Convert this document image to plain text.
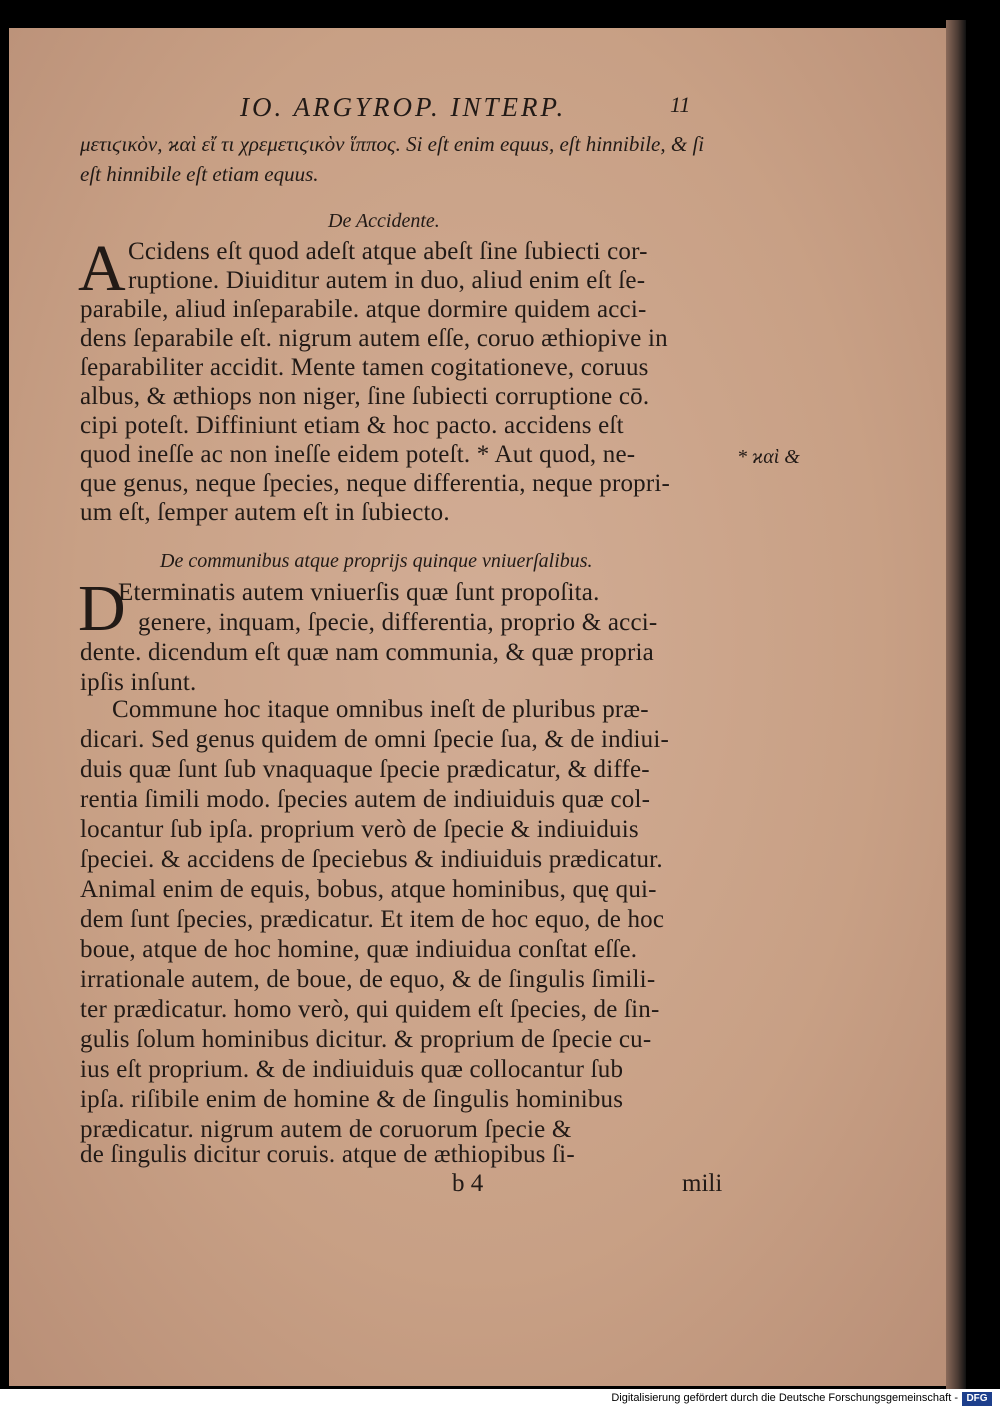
IO. ARGYROP. INTERP.	11
μετιϛικὸν, ϰαὶ εἴ τι χρεμετιϛικὸν ἵππος. Si eſt enim equus, eſt hinnibile, & ſi
eſt hinnibile eſt etiam equus.
De Accidente.
A Ccidens eſt quod adeſt atque abeſt ſine ſubiecti cor-
ruptione. Diuiditur autem in duo, aliud enim eſt ſe-
parabile, aliud inſeparabile. atque dormire quidem acci-
dens ſeparabile eſt. nigrum autem eſſe, coruo æthiopive in
ſeparabiliter accidit. Mente tamen cogitationeve, coruus
albus, & æthiops non niger, ſine ſubiecti corruptione cō.
cipi poteſt. Diffiniunt etiam & hoc pacto. accidens eſt
quod ineſſe ac non ineſſe eidem poteſt. * Aut quod, ne-
que genus, neque ſpecies, neque differentia, neque propri-
um eſt, ſemper autem eſt in ſubiecto.
* ϰαὶ &
De communibus atque proprijs quinque vniuerſalibus.
D
Eterminatis autem vniuerſis quæ ſunt propoſita.
genere, inquam, ſpecie, differentia, proprio & acci-
dente. dicendum eſt quæ nam communia, & quæ propria
ipſis inſunt.
Commune hoc itaque omnibus ineſt de pluribus præ-
dicari. Sed genus quidem de omni ſpecie ſua, & de indiui-
duis quæ ſunt ſub vnaquaque ſpecie prædicatur, & diffe-
rentia ſimili modo. ſpecies autem de indiuiduis quæ col-
locantur ſub ipſa. proprium verò de ſpecie & indiuiduis
ſpeciei. & accidens de ſpeciebus & indiuiduis prædicatur.
Animal enim de equis, bobus, atque hominibus, quę qui-
dem ſunt ſpecies, prædicatur. Et item de hoc equo, de hoc
boue, atque de hoc homine, quæ indiuidua conſtat eſſe.
irrationale autem, de boue, de equo, & de ſingulis ſimili-
ter prædicatur. homo verò, qui quidem eſt ſpecies, de ſin-
gulis ſolum hominibus dicitur. & proprium de ſpecie cu-
ius eſt proprium. & de indiuiduis quæ collocantur ſub
ipſa. riſibile enim de homine & de ſingulis hominibus
prædicatur. nigrum autem de coruorum ſpecie &
de ſingulis dicitur coruis. atque de æthiopibus ſi-
b 4	mili
Digitalisierung gefördert durch die Deutsche Forschungsgemeinschaft - DFG
